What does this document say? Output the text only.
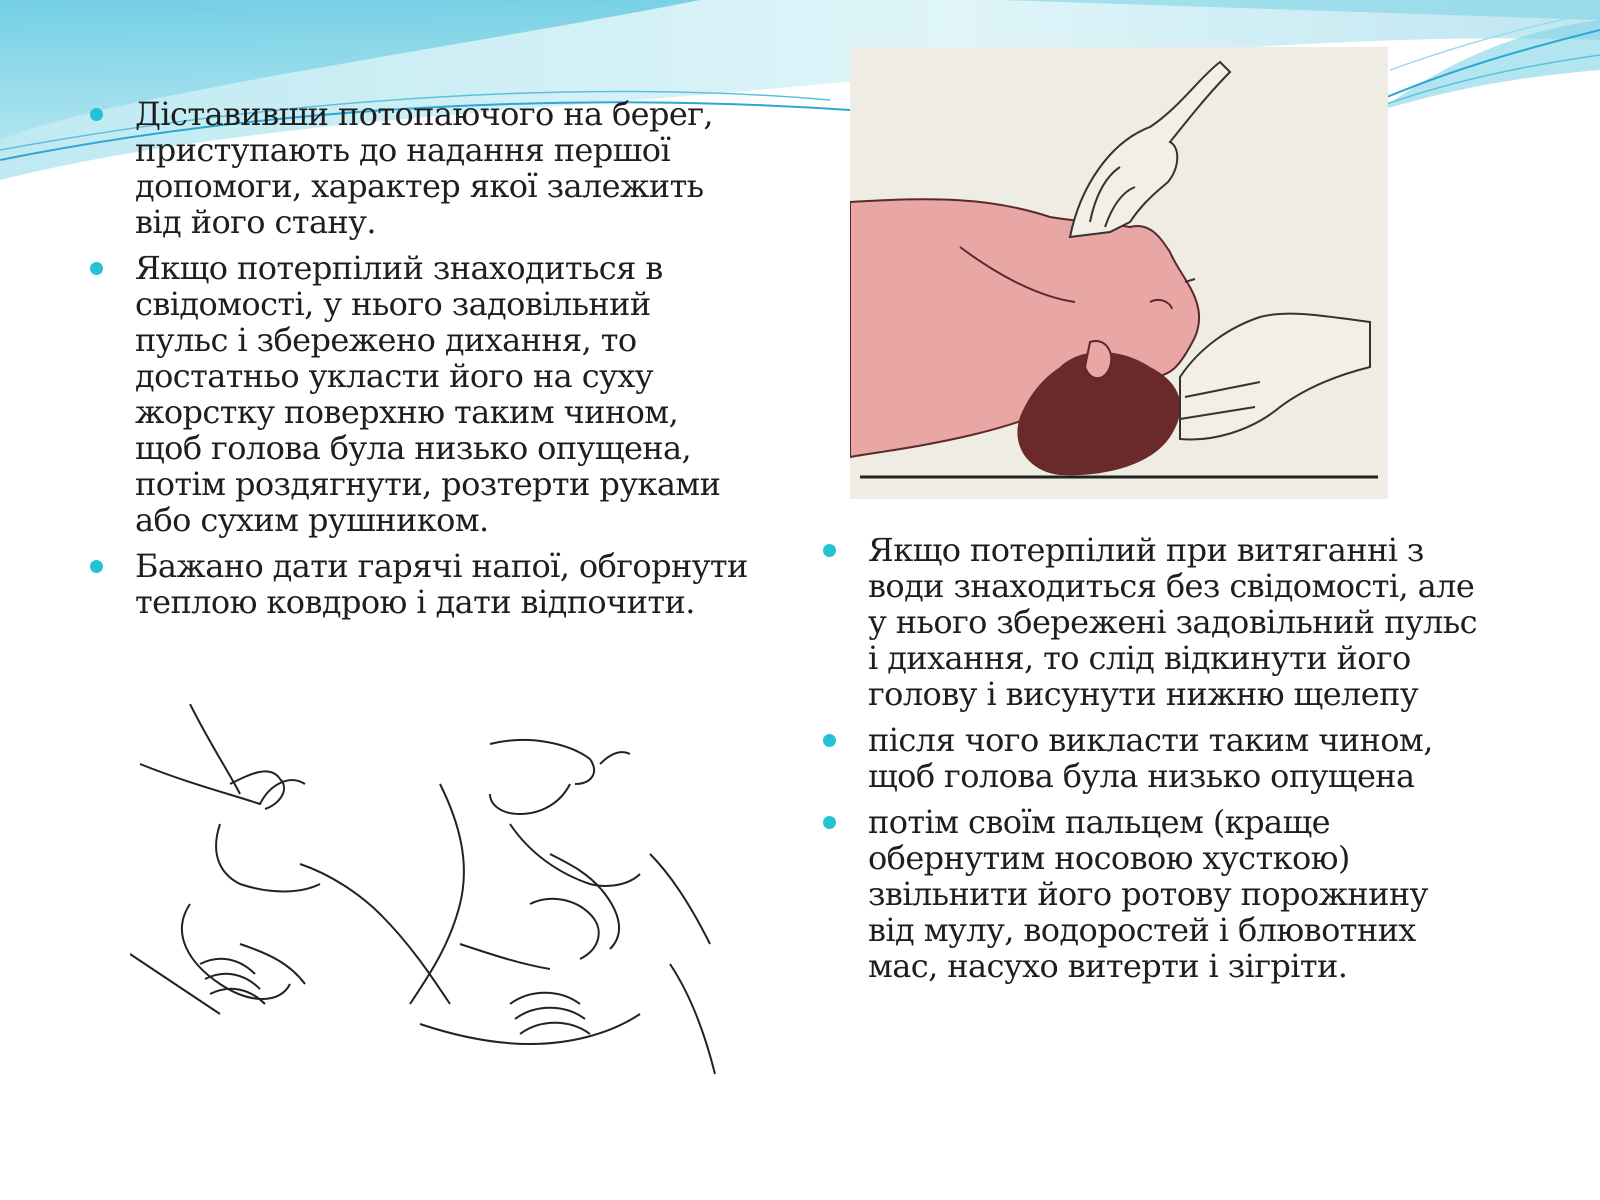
Діставивши потопаючого на берег, приступають до надання першої допомоги, характер якої залежить від його стану.
Якщо потерпілий знаходиться в свідомості, у нього задовільний пульс і збережено дихання, то достатньо укласти його на суху жорстку поверхню таким чином, щоб голова була низько опущена, потім роздягнути, розтерти руками або сухим рушником.
Бажано дати гарячі напої, обгорнути теплою ковдрою і дати відпочити.
Якщо потерпілий при витяганні з води знаходиться без свідомості, але у нього збережені задовільний пульс і дихання, то слід відкинути його голову і висунути нижню щелепу
після чого викласти таким чином, щоб голова була низько опущена
потім своїм пальцем (краще обернутим носовою хусткою) звільнити його ротову порожнину від мулу, водоростей і блювотних мас, насухо витерти і зігріти.
